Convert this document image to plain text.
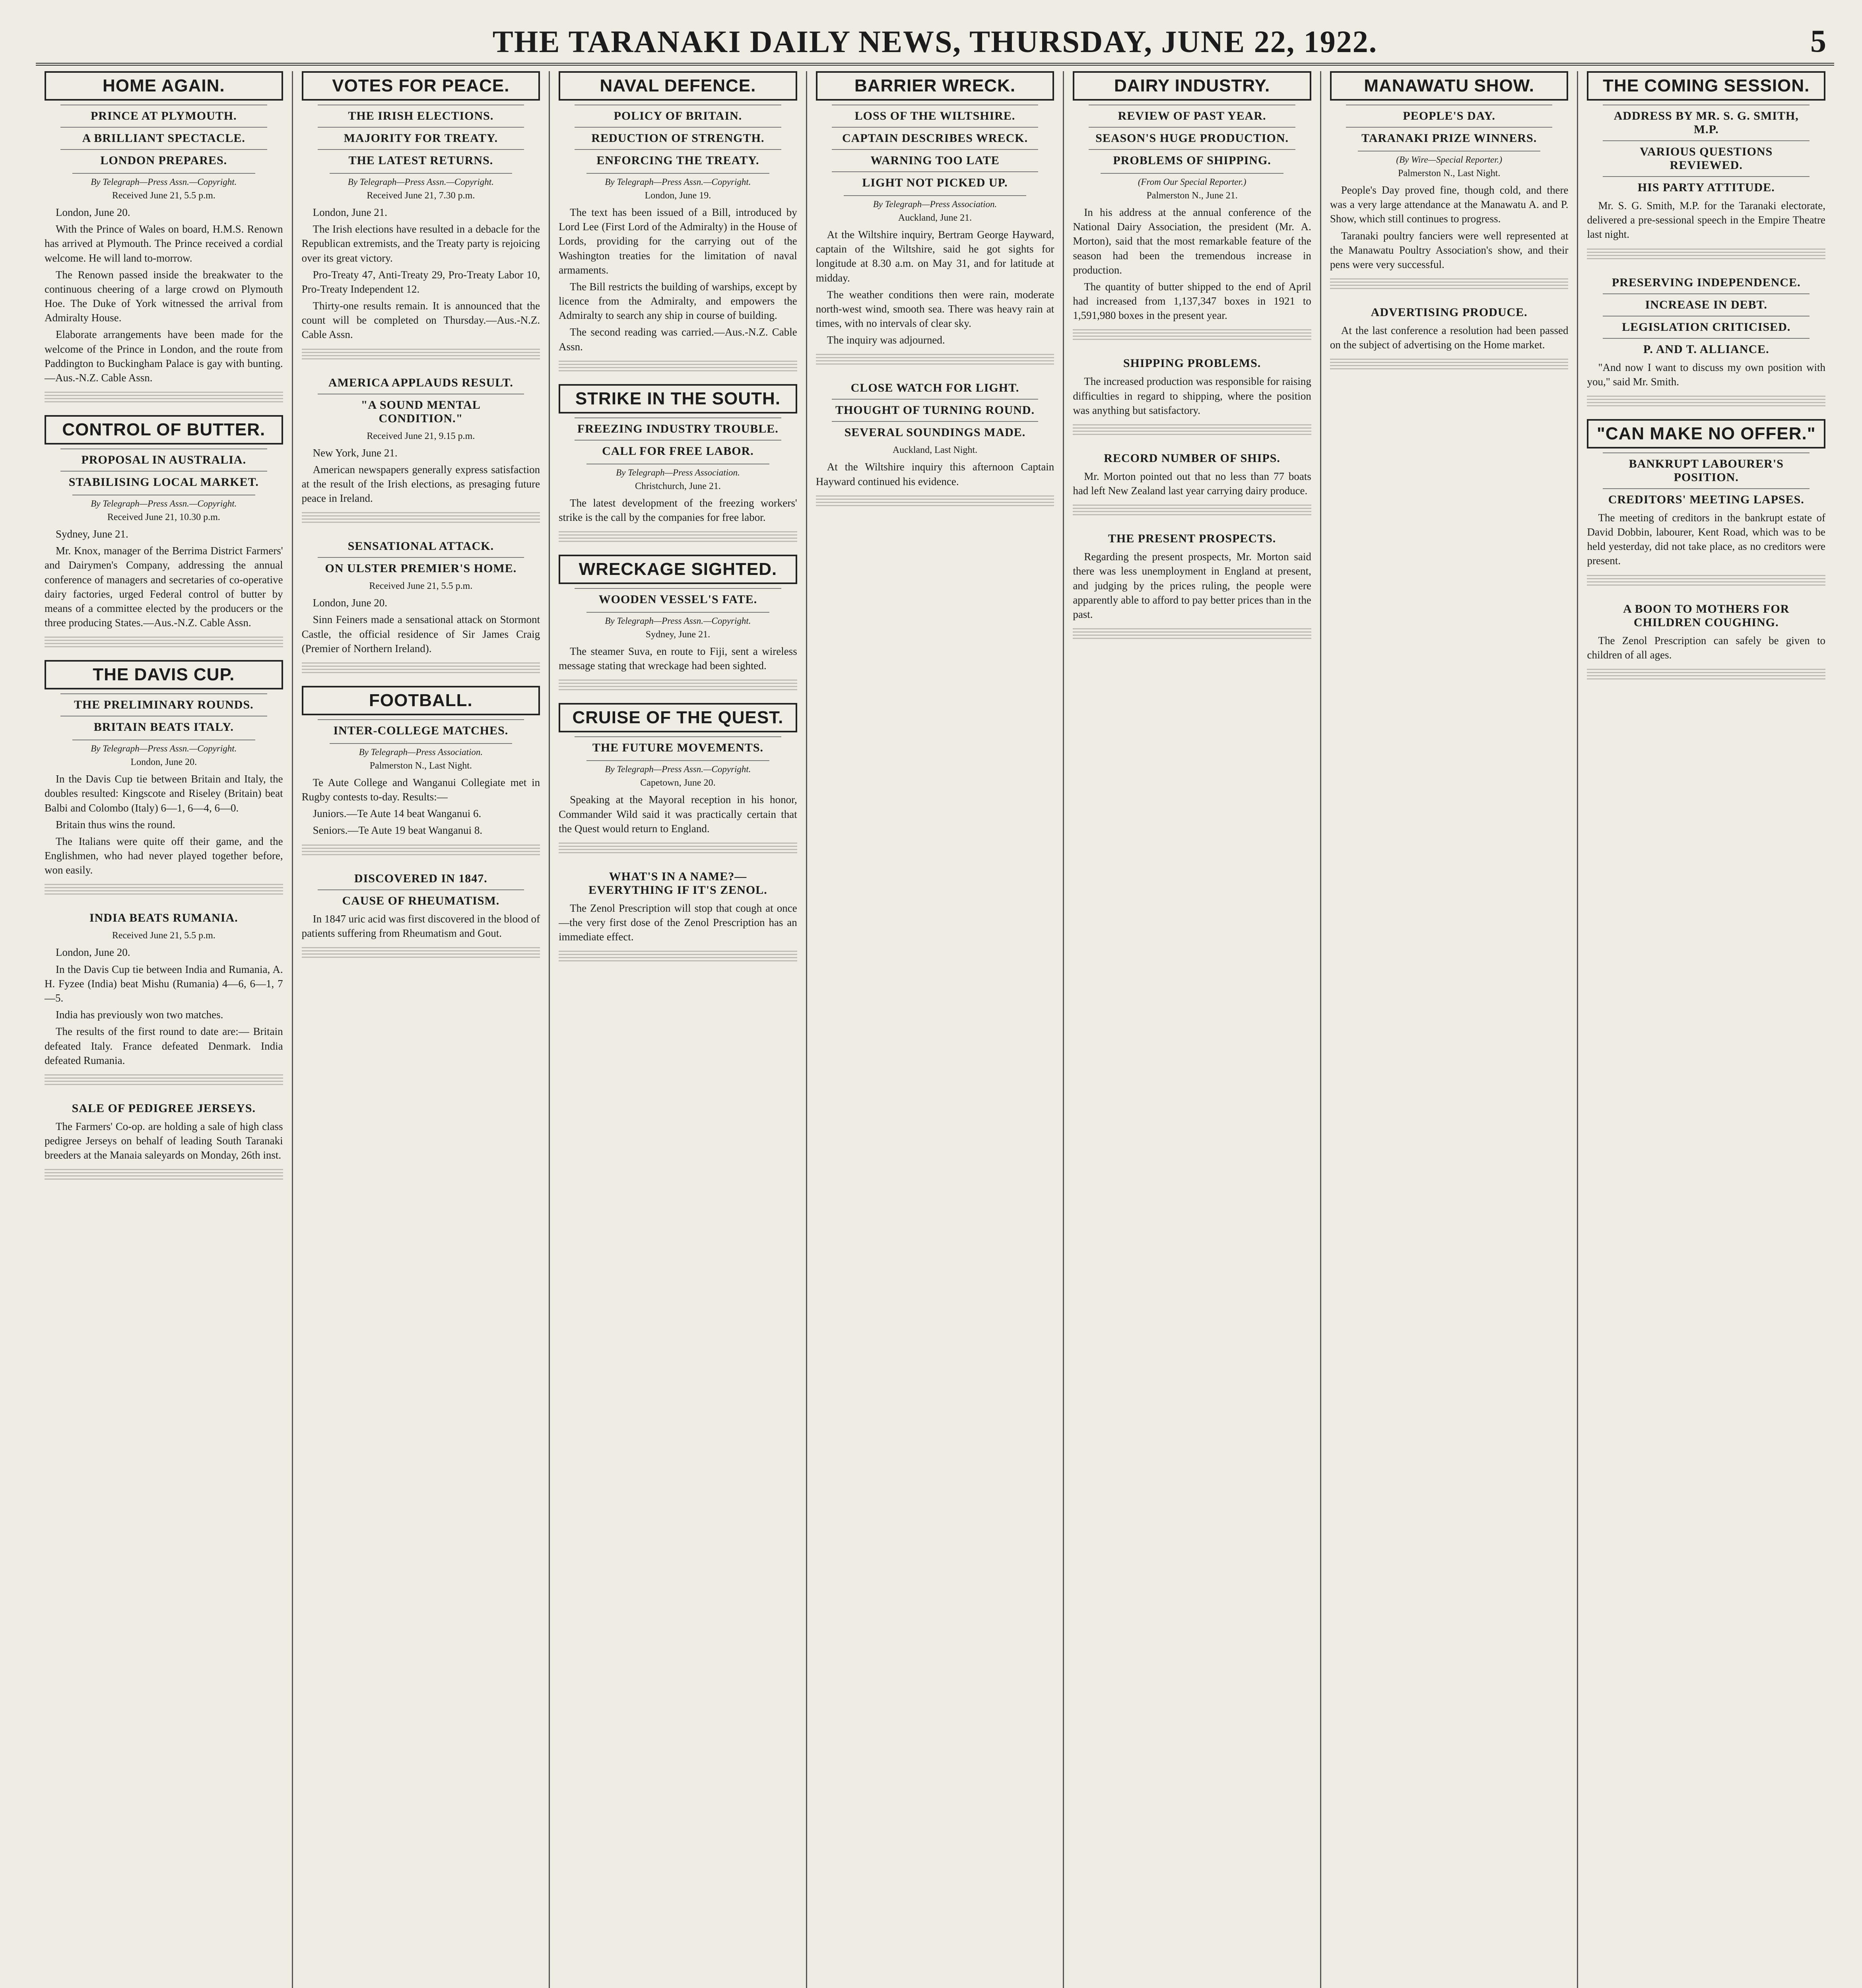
THE TARANAKI DAILY NEWS, THURSDAY, JUNE 22, 1922.	5
HOME AGAIN.
PRINCE AT PLYMOUTH.
A BRILLIANT SPECTACLE.
LONDON PREPARES.
By Telegraph—Press Assn.—Copyright.
Received June 21, 5.5 p.m.

London, June 20.

With the Prince of Wales on board, H.M.S. Renown has arrived at Plymouth. The Prince received a cordial welcome. He will land to-morrow.

The Renown passed inside the breakwater to the continuous cheering of a large crowd on Plymouth Hoe. The Duke of York witnessed the arrival from Admiralty House.

Elaborate arrangements have been made for the welcome of the Prince in London, and the route from Paddington to Buckingham Palace is gay with bunting.—Aus.-N.Z. Cable Assn.

CONTROL OF BUTTER.
PROPOSAL IN AUSTRALIA.
STABILISING LOCAL MARKET.
By Telegraph—Press Assn.—Copyright.
Received June 21, 10.30 p.m.

Sydney, June 21.

Mr. Knox, manager of the Berrima District Farmers' and Dairymen's Company, addressing the annual conference of managers and secretaries of co-operative dairy factories, urged Federal control of butter by means of a committee elected by the producers or the three producing States.—Aus.-N.Z. Cable Assn.

THE DAVIS CUP.
THE PRELIMINARY ROUNDS.
BRITAIN BEATS ITALY.
By Telegraph—Press Assn.—Copyright.
London, June 20.

In the Davis Cup tie between Britain and Italy, the doubles resulted: Kingscote and Riseley (Britain) beat Balbi and Colombo (Italy) 6—1, 6—4, 6—0.

Britain thus wins the round.

The Italians were quite off their game, and the Englishmen, who had never played together before, won easily.

INDIA BEATS RUMANIA.
Received June 21, 5.5 p.m.

London, June 20.

In the Davis Cup tie between India and Rumania, A. H. Fyzee (India) beat Mishu (Rumania) 4—6, 6—1, 7—5.

India has previously won two matches.

The results of the first round to date are:— Britain defeated Italy. France defeated Denmark. India defeated Rumania.

SALE OF PEDIGREE JERSEYS.

The Farmers' Co-op. are holding a sale of high class pedigree Jerseys on behalf of leading South Taranaki breeders at the Manaia saleyards on Monday, 26th inst.

VOTES FOR PEACE.
THE IRISH ELECTIONS.
MAJORITY FOR TREATY.
THE LATEST RETURNS.
By Telegraph—Press Assn.—Copyright.
Received June 21, 7.30 p.m.

London, June 21.

The Irish elections have resulted in a debacle for the Republican extremists, and the Treaty party is rejoicing over its great victory.

Pro-Treaty 47, Anti-Treaty 29, Pro-Treaty Labor 10, Pro-Treaty Independent 12.

Thirty-one results remain. It is announced that the count will be completed on Thursday.—Aus.-N.Z. Cable Assn.

AMERICA APPLAUDS RESULT.
"A SOUND MENTAL CONDITION."
Received June 21, 9.15 p.m.

New York, June 21.

American newspapers generally express satisfaction at the result of the Irish elections, as presaging future peace in Ireland.

SENSATIONAL ATTACK.
ON ULSTER PREMIER'S HOME.
Received June 21, 5.5 p.m.

London, June 20.

Sinn Feiners made a sensational attack on Stormont Castle, the official residence of Sir James Craig (Premier of Northern Ireland).

FOOTBALL.
INTER-COLLEGE MATCHES.
By Telegraph—Press Association.
Palmerston N., Last Night.

Te Aute College and Wanganui Collegiate met in Rugby contests to-day. Results:—

Juniors.—Te Aute 14 beat Wanganui 6.

Seniors.—Te Aute 19 beat Wanganui 8.

DISCOVERED IN 1847.
CAUSE OF RHEUMATISM.

In 1847 uric acid was first discovered in the blood of patients suffering from Rheumatism and Gout.

NAVAL DEFENCE.
POLICY OF BRITAIN.
REDUCTION OF STRENGTH.
ENFORCING THE TREATY.
By Telegraph—Press Assn.—Copyright.
London, June 19.

The text has been issued of a Bill, introduced by Lord Lee (First Lord of the Admiralty) in the House of Lords, providing for the carrying out of the Washington treaties for the limitation of naval armaments.

The Bill restricts the building of warships, except by licence from the Admiralty, and empowers the Admiralty to search any ship in course of building.

The second reading was carried.—Aus.-N.Z. Cable Assn.

STRIKE IN THE SOUTH.
FREEZING INDUSTRY TROUBLE.
CALL FOR FREE LABOR.
By Telegraph—Press Association.
Christchurch, June 21.

The latest development of the freezing workers' strike is the call by the companies for free labor.

WRECKAGE SIGHTED.
WOODEN VESSEL'S FATE.
By Telegraph—Press Assn.—Copyright.
Sydney, June 21.

The steamer Suva, en route to Fiji, sent a wireless message stating that wreckage had been sighted.

CRUISE OF THE QUEST.
THE FUTURE MOVEMENTS.
By Telegraph—Press Assn.—Copyright.
Capetown, June 20.

Speaking at the Mayoral reception in his honor, Commander Wild said it was practically certain that the Quest would return to England.

WHAT'S IN A NAME?—EVERYTHING IF IT'S ZENOL.

The Zenol Prescription will stop that cough at once—the very first dose of the Zenol Prescription has an immediate effect.

BARRIER WRECK.
LOSS OF THE WILTSHIRE.
CAPTAIN DESCRIBES WRECK.
WARNING TOO LATE
LIGHT NOT PICKED UP.
By Telegraph—Press Association.
Auckland, June 21.

At the Wiltshire inquiry, Bertram George Hayward, captain of the Wiltshire, said he got sights for longitude at 8.30 a.m. on May 31, and for latitude at midday.

The weather conditions then were rain, moderate north-west wind, smooth sea. There was heavy rain at times, with no intervals of clear sky.

The inquiry was adjourned.

CLOSE WATCH FOR LIGHT.
THOUGHT OF TURNING ROUND.
SEVERAL SOUNDINGS MADE.
Auckland, Last Night.

At the Wiltshire inquiry this afternoon Captain Hayward continued his evidence.

DAIRY INDUSTRY.
REVIEW OF PAST YEAR.
SEASON'S HUGE PRODUCTION.
PROBLEMS OF SHIPPING.
(From Our Special Reporter.)
Palmerston N., June 21.

In his address at the annual conference of the National Dairy Association, the president (Mr. A. Morton), said that the most remarkable feature of the season had been the tremendous increase in production.

The quantity of butter shipped to the end of April had increased from 1,137,347 boxes in 1921 to 1,591,980 boxes in the present year.

SHIPPING PROBLEMS.

The increased production was responsible for raising difficulties in regard to shipping, where the position was anything but satisfactory.

RECORD NUMBER OF SHIPS.

Mr. Morton pointed out that no less than 77 boats had left New Zealand last year carrying dairy produce.

THE PRESENT PROSPECTS.

Regarding the present prospects, Mr. Morton said there was less unemployment in England at present, and judging by the prices ruling, the people were apparently able to afford to pay better prices than in the past.

MANAWATU SHOW.
PEOPLE'S DAY.
TARANAKI PRIZE WINNERS.
(By Wire—Special Reporter.)
Palmerston N., Last Night.

People's Day proved fine, though cold, and there was a very large attendance at the Manawatu A. and P. Show, which still continues to progress.

Taranaki poultry fanciers were well represented at the Manawatu Poultry Association's show, and their pens were very successful.

ADVERTISING PRODUCE.

At the last conference a resolution had been passed on the subject of advertising on the Home market.

THE COMING SESSION.
ADDRESS BY MR. S. G. SMITH, M.P.
VARIOUS QUESTIONS REVIEWED.
HIS PARTY ATTITUDE.

Mr. S. G. Smith, M.P. for the Taranaki electorate, delivered a pre-sessional speech in the Empire Theatre last night.

PRESERVING INDEPENDENCE.
INCREASE IN DEBT.
LEGISLATION CRITICISED.
P. AND T. ALLIANCE.

"And now I want to discuss my own position with you," said Mr. Smith.

"CAN MAKE NO OFFER."
BANKRUPT LABOURER'S POSITION.
CREDITORS' MEETING LAPSES.

The meeting of creditors in the bankrupt estate of David Dobbin, labourer, Kent Road, which was to be held yesterday, did not take place, as no creditors were present.

A BOON TO MOTHERS FOR CHILDREN COUGHING.

The Zenol Prescription can safely be given to children of all ages.
